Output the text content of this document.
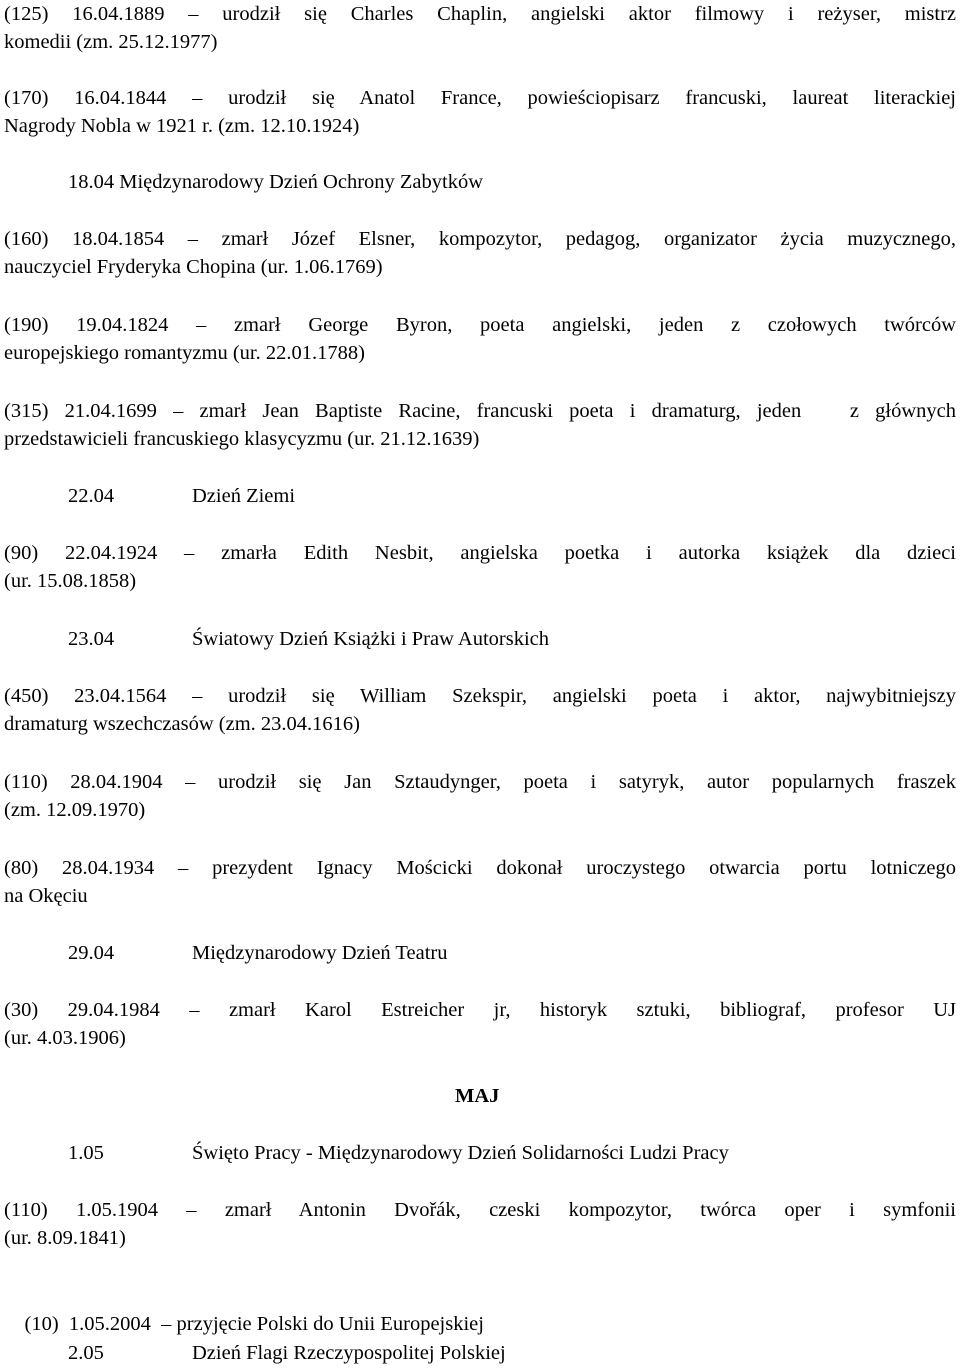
(125) 16.04.1889 – urodził się Charles Chaplin, angielski aktor filmowy i reżyser, mistrz
komedii (zm. 25.12.1977)
(170) 16.04.1844 – urodził się Anatol France, powieściopisarz francuski, laureat literackiej
Nagrody Nobla w 1921 r. (zm. 12.10.1924)
18.04 Międzynarodowy Dzień Ochrony Zabytków
(160) 18.04.1854 – zmarł Józef Elsner, kompozytor, pedagog, organizator życia muzycznego,
nauczyciel Fryderyka Chopina (ur. 1.06.1769)
(190) 19.04.1824 – zmarł George Byron, poeta angielski, jeden z czołowych twórców
europejskiego romantyzmu (ur. 22.01.1788)
(315) 21.04.1699 – zmarł Jean Baptiste Racine, francuski poeta i dramaturg, jeden   z głównych
przedstawicieli francuskiego klasycyzmu (ur. 21.12.1639)
22.04	Dzień Ziemi
(90) 22.04.1924 – zmarła Edith Nesbit, angielska poetka i autorka książek dla dzieci
(ur. 15.08.1858)
23.04	Światowy Dzień Książki i Praw Autorskich
(450) 23.04.1564 – urodził się William Szekspir, angielski poeta i aktor, najwybitniejszy
dramaturg wszechczasów (zm. 23.04.1616)
(110) 28.04.1904 – urodził się Jan Sztaudynger, poeta i satyryk, autor popularnych fraszek
(zm. 12.09.1970)
(80) 28.04.1934 – prezydent Ignacy Mościcki dokonał uroczystego otwarcia portu lotniczego
na Okęciu
29.04	Międzynarodowy Dzień Teatru
(30) 29.04.1984 – zmarł Karol Estreicher jr, historyk sztuki, bibliograf, profesor UJ
(ur. 4.03.1906)
MAJ
1.05	Święto Pracy - Międzynarodowy Dzień Solidarności Ludzi Pracy
(110) 1.05.1904 – zmarł Antonin Dvořák, czeski kompozytor, twórca oper i symfonii
(ur. 8.09.1841)

(10)  1.05.2004  – przyjęcie Polski do Unii Europejskiej

2.05	Dzień Flagi Rzeczypospolitej Polskiej
